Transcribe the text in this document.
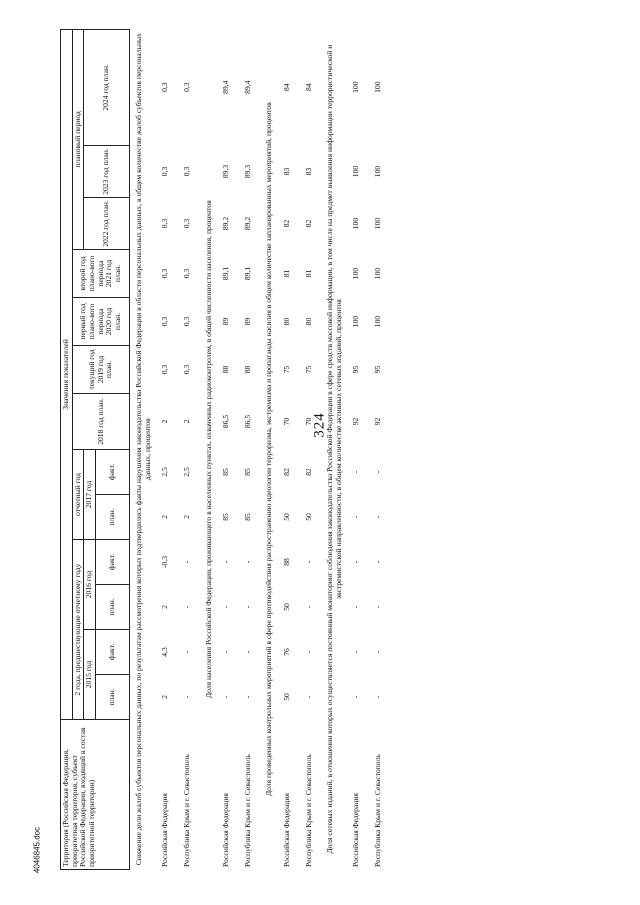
324
Территория (Российская Федерация, приоритетная территория, субъект Российской Федерации, входящий в состав приоритетной территории)	Значения показателей												
	2 года, предшествующие отчетному году				отчетный год		2018 год план.	текущий год 2019 год план.	первый год плано-вого периода 2020 год план.	второй год плано-вого периода 2021 год план.	плановый период		
	2015 год		2016 год		2017 год						2022 год план.	2023 год план.	2024 год план.
	план.	факт.	план.	факт.	план.	факт.							
Снижение доли жалоб субъектов персональных данных, по результатам рассмотрения которых подтвердились факты нарушения законодательства Российской Федерации в области персональных данных, в общем количестве жалоб субъектов персональных данных, процентов													
Российская Федерация	2	4,3	2	-0,3	2	2,5	2	0,3	0,3	0,3	0,3	0,3	0,3
Республика Крым и г. Севастополь	-	-	-	-	2	2,5	2	0,3	0,3	0,3	0,3	0,3	0,3
Доля населения Российской Федерации, проживающего в населенных пунктах, охваченных радиоконтролем, в общей численности населения, процентов													
Российская Федерация	-	-	-	-	85	85	86,5	88	89	89,1	89,2	89,3	89,4
Республика Крым и г. Севастополь	-	-	-	-	85	85	86,5	88	89	89,1	89,2	89,3	89,4
Доля проведенных контрольных мероприятий в сфере противодействия распространению идеологии терроризма, экстремизма и пропаганды насилия в общем количестве запланированных мероприятий, процентов													
Российская Федерация	50	76	50	88	50	82	70	75	80	81	82	83	84
Республика Крым и г. Севастополь	-	-	-	-	50	82	70	75	80	81	82	83	84
Доля сетевых изданий, в отношении которых осуществляется постоянный мониторинг соблюдения законодательства Российской Федерации в сфере средств массовой информации, в том числе на предмет выявления информации террористической и экстремистской направленности, в общем количестве активных сетевых изданий, процентов													
Российская Федерация	-	-	-	-	-	-	92	95	100	100	100	100	100
Республика Крым и г. Севастополь	-	-	-	-	-	-	92	95	100	100	100	100	100
4046845.doc
